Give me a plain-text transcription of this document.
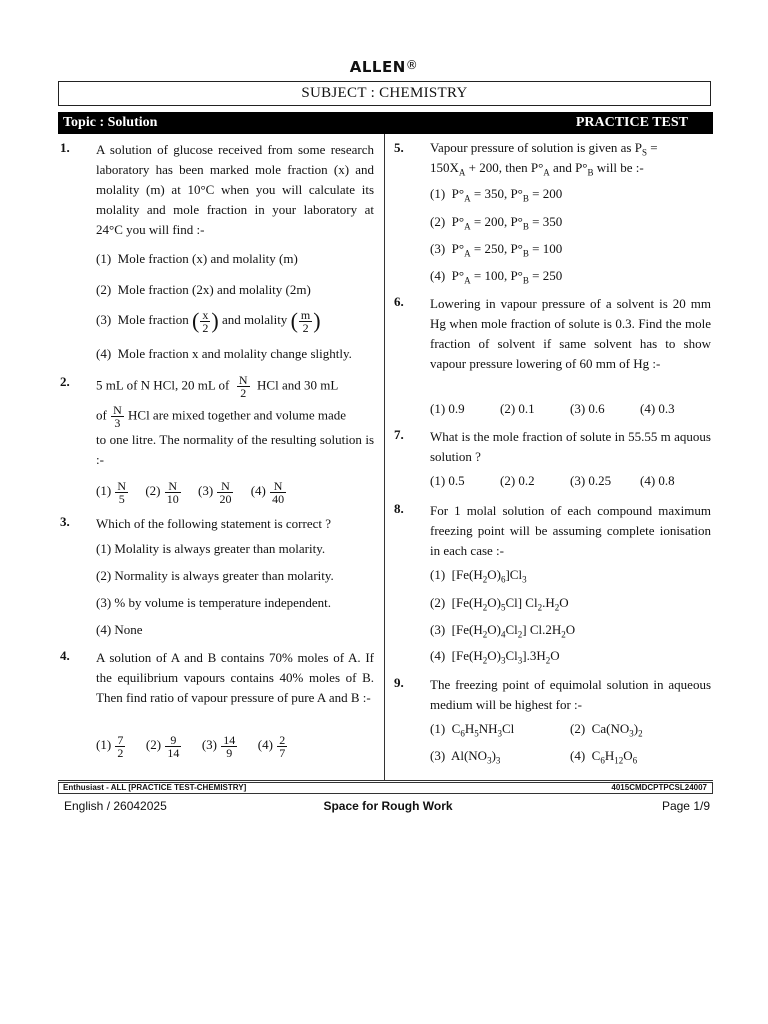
ALLEN®
SUBJECT : CHEMISTRY
Topic : Solution	PRACTICE TEST
1. A solution of glucose received from some research laboratory has been marked mole fraction (x) and molality (m) at 10°C when you will calculate its molality and mole fraction in your laboratory at 24°C you will find :-
(1) Mole fraction (x) and molality (m)
(2) Mole fraction (2x) and molality (2m)
(3) Mole fraction ( $\frac{x}{2}$ ) and molality ( $\frac{m}{2}$ )
(4) Mole fraction x and molality change slightly.
2. 5 mL of N HCl, 20 mL of $\frac{N}{2}$ HCl and 30 mL
of $\frac{N}{3}$ HCl are mixed together and volume made
to one litre. The normality of the resulting solution is :-
$(1) \frac{N}{5} (2) \frac{N}{10} (3) \frac{N}{20} (4) \frac{N}{40}$
3. Which of the following statement is correct ?
(1) Molality is always greater than molarity.
(2) Normality is always greater than molarity.
(3) % by volume is temperature independent.
(4) None
4. A solution of A and B contains 70% moles of A. If the equilibrium vapours contains 40% moles of B. Then find ratio of vapour pressure of pure A and B :-
$(1) \frac{7}{2} (2) \frac{9}{14} (3) \frac{14}{9} (4) \frac{2}{7}$
5. Vapour pressure of solution is given as $P_S$ =
$150X_A + 200$, then $P^\circ_A$ and $P^\circ_B$ will be :-
(1) $P^\circ_A = 350$, $P^\circ_B = 200$
(2) $P^\circ_A = 200$, $P^\circ_B = 350$
(3) $P^\circ_A = 250$, $P^\circ_B = 100$
(4) $P^\circ_A = 100$, $P^\circ_B = 250$
6. Lowering in vapour pressure of a solvent is 20 mm Hg when mole fraction of solute is 0.3. Find the mole fraction of solvent if same solvent has to show vapour pressure lowering of 60 mm of Hg :-
(1) 0.9	(2) 0.1	(3) 0.6	(4) 0.3
7. What is the mole fraction of solute in 55.55 m aquous solution ?
(1) 0.5	(2) 0.2	(3) 0.25 (4) 0.8
8. For 1 molal solution of each compound maximum freezing point will be assuming complete ionisation in each case :-
(1) $[Fe(H_2O)_6]Cl_3$
(2) $[Fe(H_2O)_5Cl]$ $Cl_2.H_2O$
(3) $[Fe(H_2O)_4Cl_2]$ $Cl.2H_2O$
(4) $[Fe(H_2O)_3Cl_3].3H_2O$
9. The freezing point of equimolal solution in aqueous medium will be highest for :-
(1) $C_6H_5NH_3Cl$	(2) $Ca(NO_3)_2$
(3) $Al(NO_3)_3$	(4) $C_6H_{12}O_6$
Enthusiast - ALL [PRACTICE TEST-CHEMISTRY]	4015CMDCPTPCSL24007
English / 26042025	Space for Rough Work	Page 1/9
